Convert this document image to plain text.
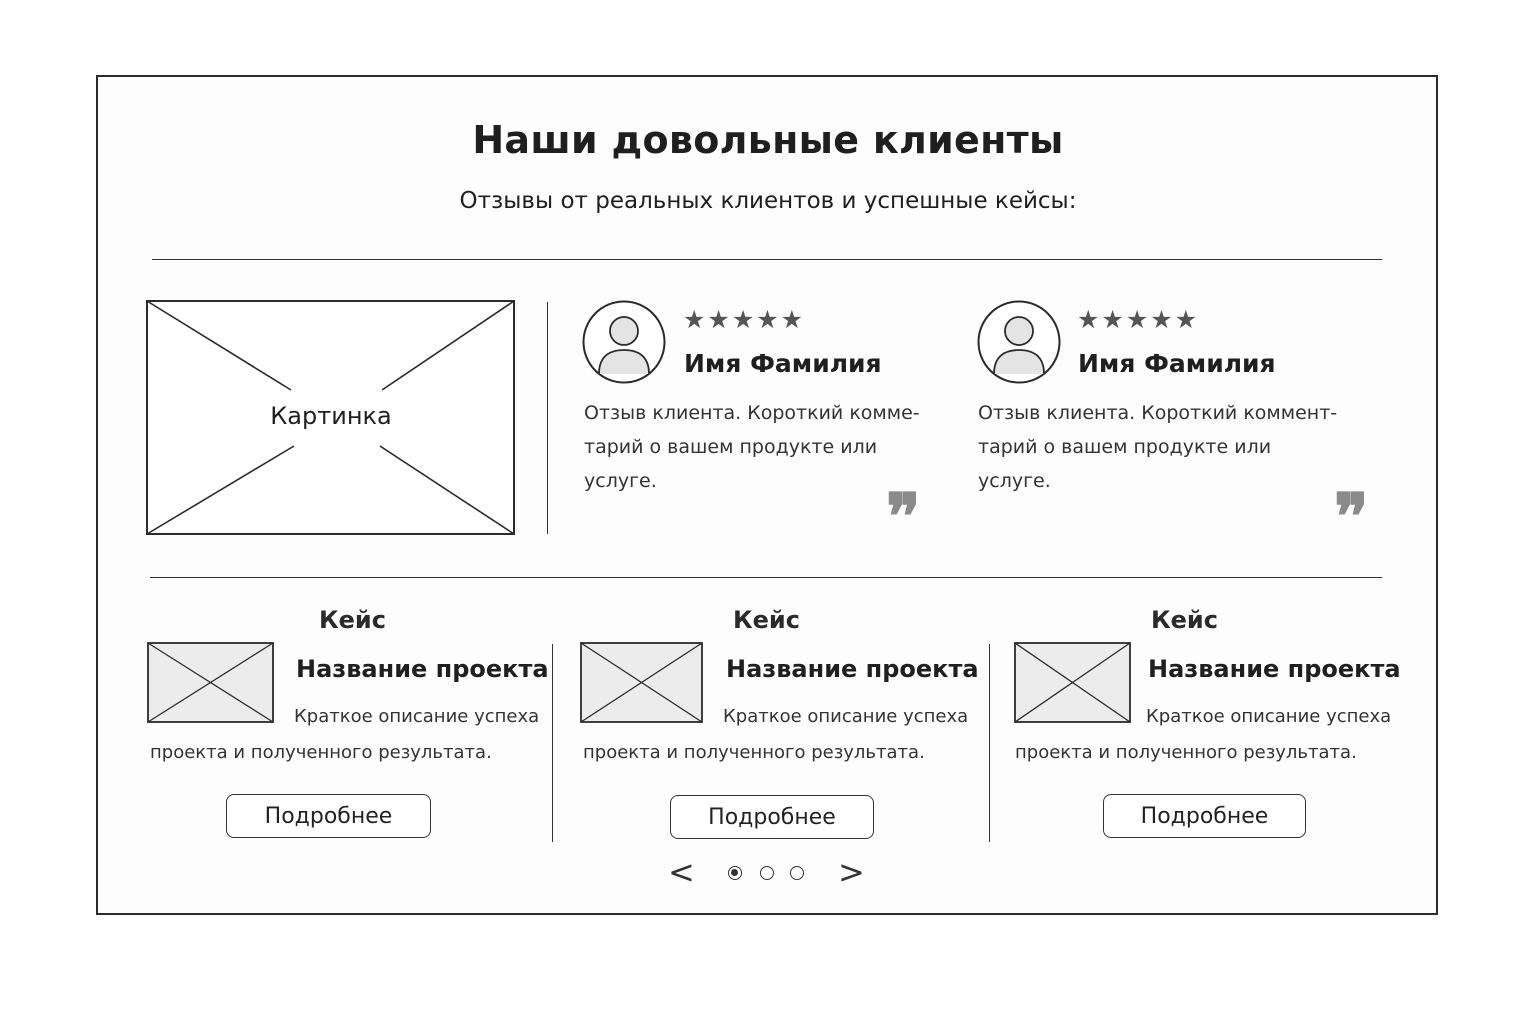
Наши довольные клиенты
Отзывы от реальных клиентов и успешные кейсы:
Картинка
★★★★★
Имя Фамилия
Отзыв клиента. Короткий комме-
тарий о вашем продукте или
услуге.	❞
★★★★★
Имя Фамилия
Отзыв клиента. Короткий коммент-
тарий о вашем продукте или
услуге.	❞
Кейс
Название проекта
Краткое описание успеха
проекта и полученного результата.
Подробнее
Кейс
Название проекта
Краткое описание успеха
проекта и полученного результата.
Подробнее
Кейс
Название проекта
Краткое описание успеха
проекта и полученного результата.
Подробнее
<	>
